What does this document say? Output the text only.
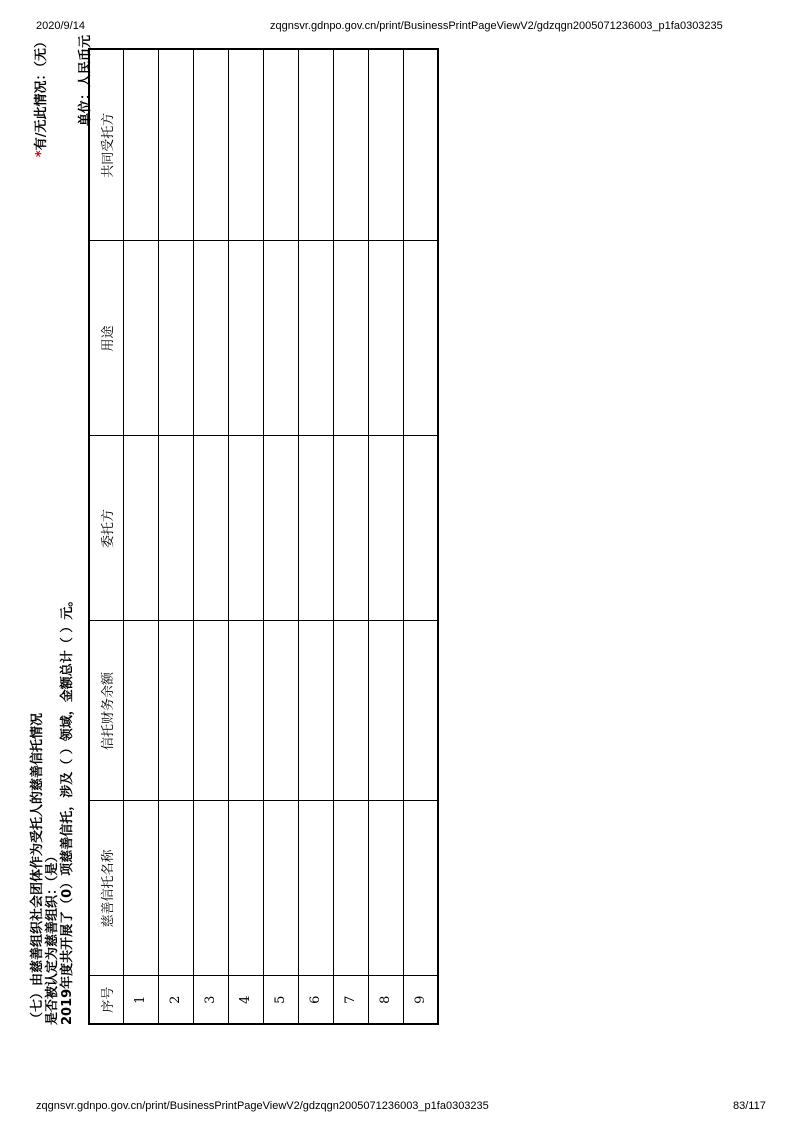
2020/9/14	zqgnsvr.gdnpo.gov.cn/print/BusinessPrintPageViewV2/gdzqgn2005071236003_p1fa0303235
（七）由慈善组织社会团体作为受托人的慈善信托情况 是否被认定为慈善组织：（是） 2019年度共开展了（0）项慈善信托，涉及（ ）领域，金额总计（ ）元。
*有/无此情况：（无）	单位：人民币元
序号	慈善信托名称	信托财务余额	委托方	用途	共同受托方
1					
2					
3					
4					
5					
6					
7					
8					
9					
zqgnsvr.gdnpo.gov.cn/print/BusinessPrintPageViewV2/gdzqgn2005071236003_p1fa0303235	83/117
